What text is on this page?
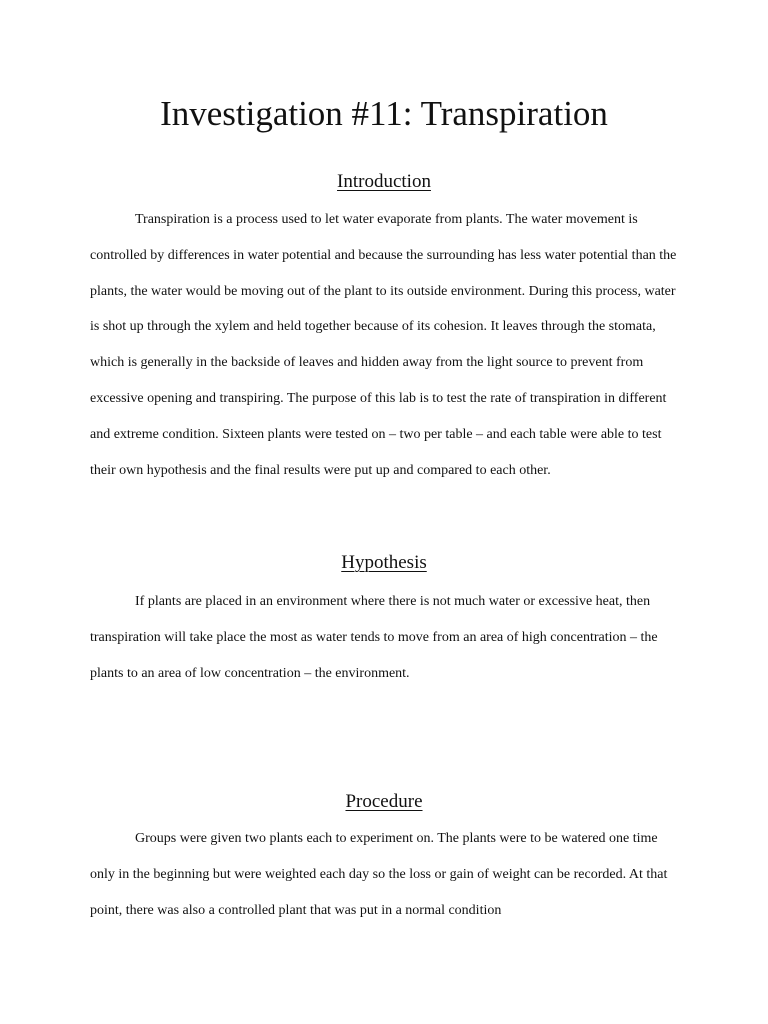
Investigation #11: Transpiration
Introduction

Transpiration is a process used to let water evaporate from plants. The water movement is controlled by differences in water potential and because the surrounding has less water potential than the plants, the water would be moving out of the plant to its outside environment. During this process, water is shot up through the xylem and held together because of its cohesion. It leaves through the stomata, which is generally in the backside of leaves and hidden away from the light source to prevent from excessive opening and transpiring. The purpose of this lab is to test the rate of transpiration in different and extreme condition. Sixteen plants were tested on – two per table – and each table were able to test their own hypothesis and the final results were put up and compared to each other.

Hypothesis

If plants are placed in an environment where there is not much water or excessive heat, then transpiration will take place the most as water tends to move from an area of high concentration – the plants to an area of low concentration – the environment.

Procedure

Groups were given two plants each to experiment on. The plants were to be watered one time only in the beginning but were weighted each day so the loss or gain of weight can be recorded. At that point, there was also a controlled plant that was put in a normal condition
